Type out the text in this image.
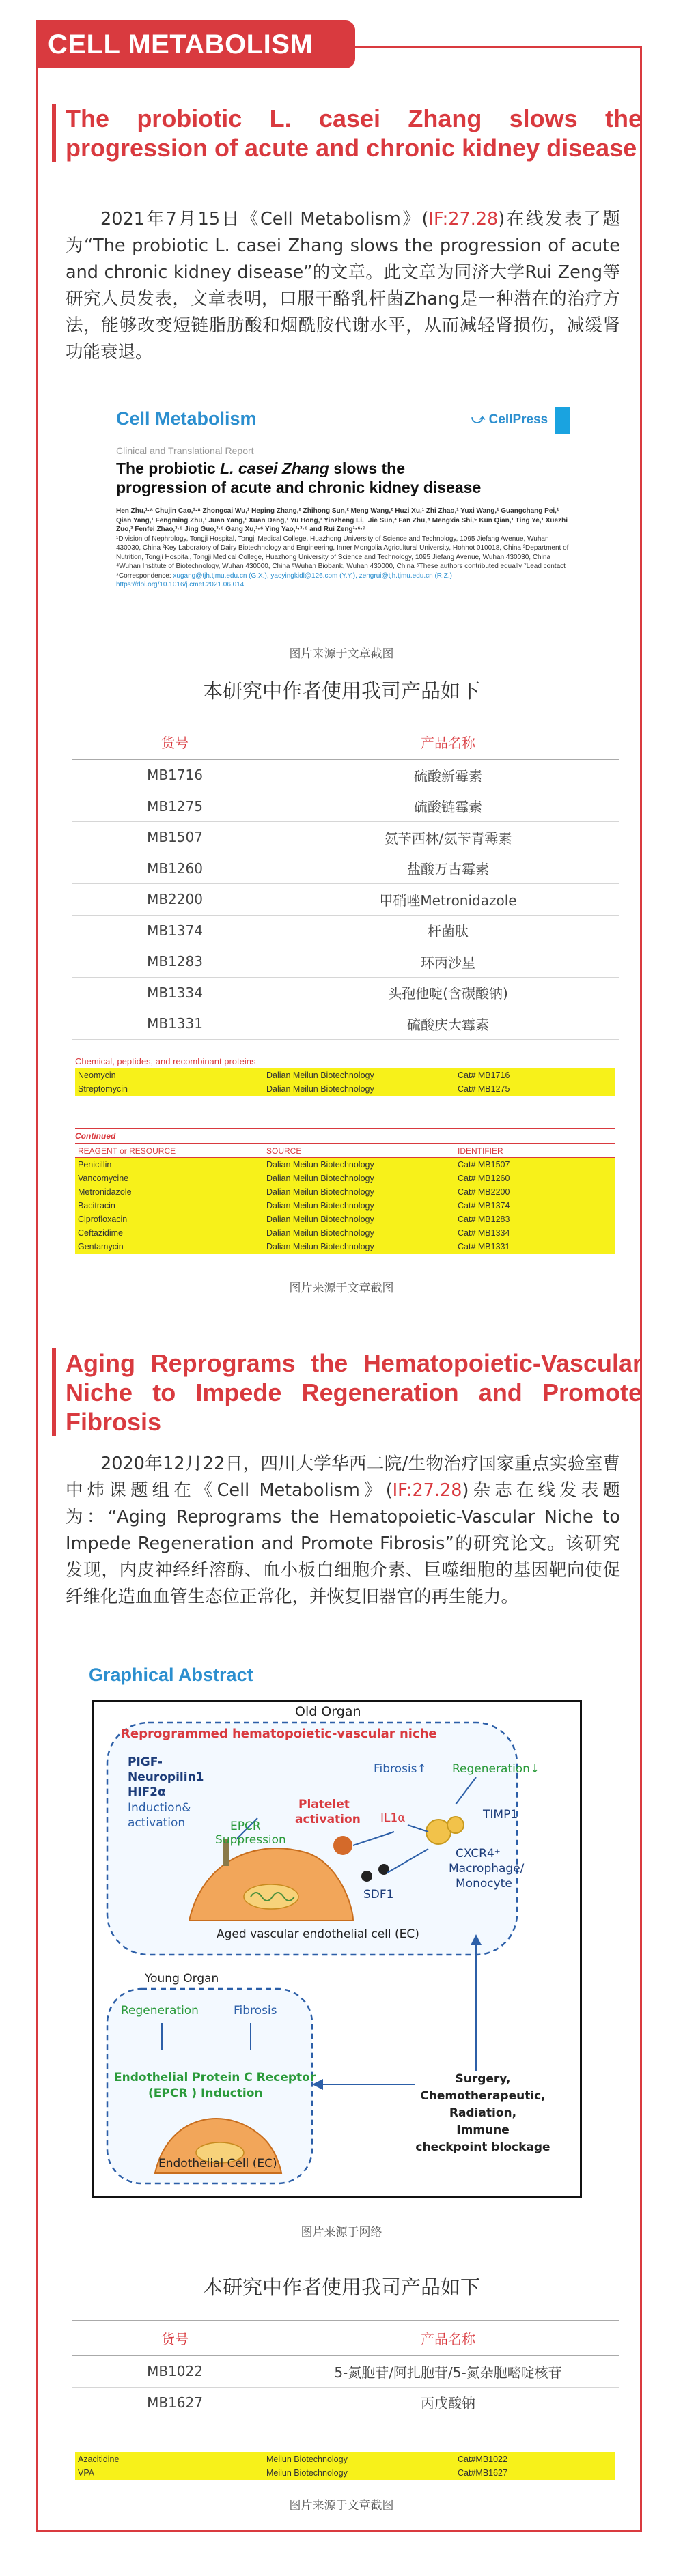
CELL METABOLISM
The probiotic L. casei Zhang slows the progression of acute and chronic kidney disease
2021年7月15日《Cell Metabolism》(IF:27.28)在线发表了题为“The probiotic L. casei Zhang slows the progression of acute and chronic kidney disease”的文章。此文章为同济大学Rui Zeng等研究人员发表，文章表明，口服干酪乳杆菌Zhang是一种潜在的治疗方法，能够改变短链脂肪酸和烟酰胺代谢水平，从而减轻肾损伤，减缓肾功能衰退。
Cell Metabolism	⤻ CellPress
Clinical and Translational Report
The probiotic L. casei Zhang slows the
progression of acute and chronic kidney disease
Hen Zhu,¹·⁸ Chujin Cao,¹·⁸ Zhongcai Wu,¹ Heping Zhang,² Zhihong Sun,² Meng Wang,² Huzi Xu,¹ Zhi Zhao,¹ Yuxi Wang,¹ Guangchang Pei,¹ Qian Yang,¹ Fengming Zhu,¹ Juan Yang,¹ Xuan Deng,¹ Yu Hong,¹ Yinzheng Li,¹ Jie Sun,³ Fan Zhu,⁴ Mengxia Shi,⁵ Kun Qian,¹ Ting Ye,¹ Xuezhi Zuo,³ Fenfei Zhao,³·⁶ Jing Guo,³·⁶ Gang Xu,¹·⁶ Ying Yao,¹·³·⁶ and Rui Zeng¹·⁶·⁷
¹Division of Nephrology, Tongji Hospital, Tongji Medical College, Huazhong University of Science and Technology, 1095 Jiefang Avenue, Wuhan 430030, China ²Key Laboratory of Dairy Biotechnology and Engineering, Inner Mongolia Agricultural University, Hohhot 010018, China ³Department of Nutrition, Tongji Hospital, Tongji Medical College, Huazhong University of Science and Technology, 1095 Jiefang Avenue, Wuhan 430030, China ⁴Wuhan Institute of Biotechnology, Wuhan 430000, China ⁵Wuhan Biobank, Wuhan 430000, China ⁶These authors contributed equally ⁷Lead contact
*Correspondence: xugang@tjh.tjmu.edu.cn (G.X.), yaoyingkidl@126.com (Y.Y.), zengrui@tjh.tjmu.edu.cn (R.Z.)
https://doi.org/10.1016/j.cmet.2021.06.014
图片来源于文章截图
本研究中作者使用我司产品如下
货号	产品名称
MB1716	硫酸新霉素
MB1275	硫酸链霉素
MB1507	氨苄西林/氨苄青霉素
MB1260	盐酸万古霉素
MB2200	甲硝唑Metronidazole
MB1374	杆菌肽
MB1283	环丙沙星
MB1334	头孢他啶(含碳酸钠)
MB1331	硫酸庆大霉素
Chemical, peptides, and recombinant proteins
Neomycin	Dalian Meilun Biotechnology	Cat# MB1716
Streptomycin	Dalian Meilun Biotechnology	Cat# MB1275
Continued
REAGENT or RESOURCE	SOURCE	IDENTIFIER
Penicillin	Dalian Meilun Biotechnology	Cat# MB1507
Vancomycine	Dalian Meilun Biotechnology	Cat# MB1260
Metronidazole	Dalian Meilun Biotechnology	Cat# MB2200
Bacitracin	Dalian Meilun Biotechnology	Cat# MB1374
Ciprofloxacin	Dalian Meilun Biotechnology	Cat# MB1283
Ceftazidime	Dalian Meilun Biotechnology	Cat# MB1334
Gentamycin	Dalian Meilun Biotechnology	Cat# MB1331
图片来源于文章截图
Aging Reprograms the Hematopoietic-Vascular Niche to Impede Regeneration and Promote Fibrosis
2020年12月22日，四川大学华西二院/生物治疗国家重点实验室曹中炜课题组在《Cell Metabolism》(IF:27.28)杂志在线发表题为：“Aging Reprograms the Hematopoietic-Vascular Niche to Impede Regeneration and Promote Fibrosis”的研究论文。该研究发现，内皮神经纤溶酶、血小板白细胞介素、巨噬细胞的基因靶向使促纤维化造血血管生态位正常化，并恢复旧器官的再生能力。
Graphical Abstract
Old Organ
Reprogrammed hematopoietic-vascular niche
PIGF-
Neuropilin1
HIF2α
Induction&
activation	EPCR
Suppression
Platelet
activation IL1α
Fibrosis↑ Regeneration↓
TIMP1
CXCR4⁺
Macrophage/
Monocyte
SDF1
Aged vascular endothelial cell (EC)
Young Organ
Regeneration	Fibrosis
Endothelial Protein C Receptor
(EPCR ) Induction
Endothelial Cell (EC)
Surgery,
Chemotherapeutic,
Radiation,
Immune
checkpoint blockage
图片来源于网络
本研究中作者使用我司产品如下
货号	产品名称
MB1022	5-氮胞苷/阿扎胞苷/5-氮杂胞嘧啶核苷
MB1627	丙戊酸钠
Azacitidine	Meilun Biotechnology	Cat#MB1022
VPA	Meilun Biotechnology	Cat#MB1627
图片来源于文章截图
